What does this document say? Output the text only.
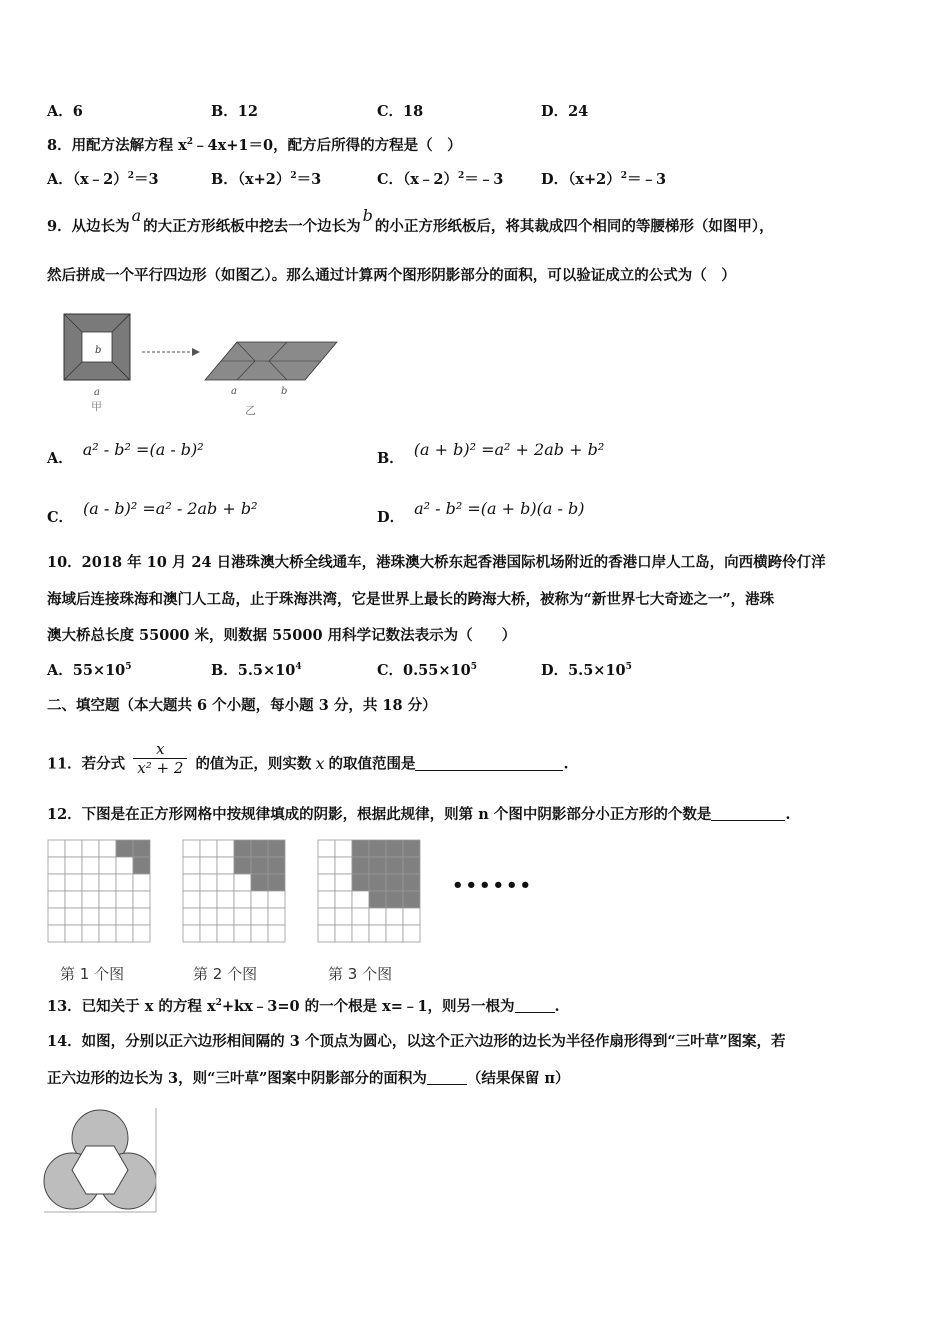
A．6	B．12	C．18	D．24
8．用配方法解方程 $x^2﹣4x+1=0$，配方后所得的方程是（　）
A．（x﹣2）$^2$＝3	B．$(x+2)^2=3$	C．（x﹣2）$^2$＝﹣3	D．$(x+2)^2=﹣3$
9．从边长为a的大正方形纸板中挖去一个边长为b的小正方形纸板后，将其裁成四个相同的等腰梯形（如图甲），
然后拼成一个平行四边形（如图乙）。那么通过计算两个图形阴影部分的面积，可以验证成立的公式为（　）
b
a
甲
a	b
乙
A． a² - b² =(a - b)²	B． (a + b)² =a² + 2ab + b²
C． (a - b)² =a² - 2ab + b²	D． a² - b² =(a + b)(a - b)
10．2018 年 10 月 24 日港珠澳大桥全线通车，港珠澳大桥东起香港国际机场附近的香港口岸人工岛，向西横跨伶仃洋
海域后连接珠海和澳门人工岛，止于珠海洪湾，它是世界上最长的跨海大桥，被称为“新世界七大奇迹之一”，港珠
澳大桥总长度 55000 米，则数据 55000 用科学记数法表示为（　　）
A．$55\times 10^5$	B．$5.5\times 10^4$	C．$0.55\times 10^5$	D．$5.5\times 10^5$
二、填空题（本大题共 6 个小题，每小题 3 分，共 18 分）
11．若分式 $\frac{x}{\text{x² + 2}}$ 的值为正，则实数 x 的取值范围是	.
12．下图是在正方形网格中按规律填成的阴影，根据此规律，则第 n 个图中阴影部分小正方形的个数是	.
••••••
第 1 个图	第 2 个图	第 3 个图
13．已知关于 x 的方程 $x^2+kx﹣3=0$ 的一个根是 x=﹣1，则另一根为	.
14．如图，分别以正六边形相间隔的 3 个顶点为圆心，以这个正六边形的边长为半径作扇形得到“三叶草”图案，若
正六边形的边长为 3，则“三叶草”图案中阴影部分的面积为	（结果保留 π）
